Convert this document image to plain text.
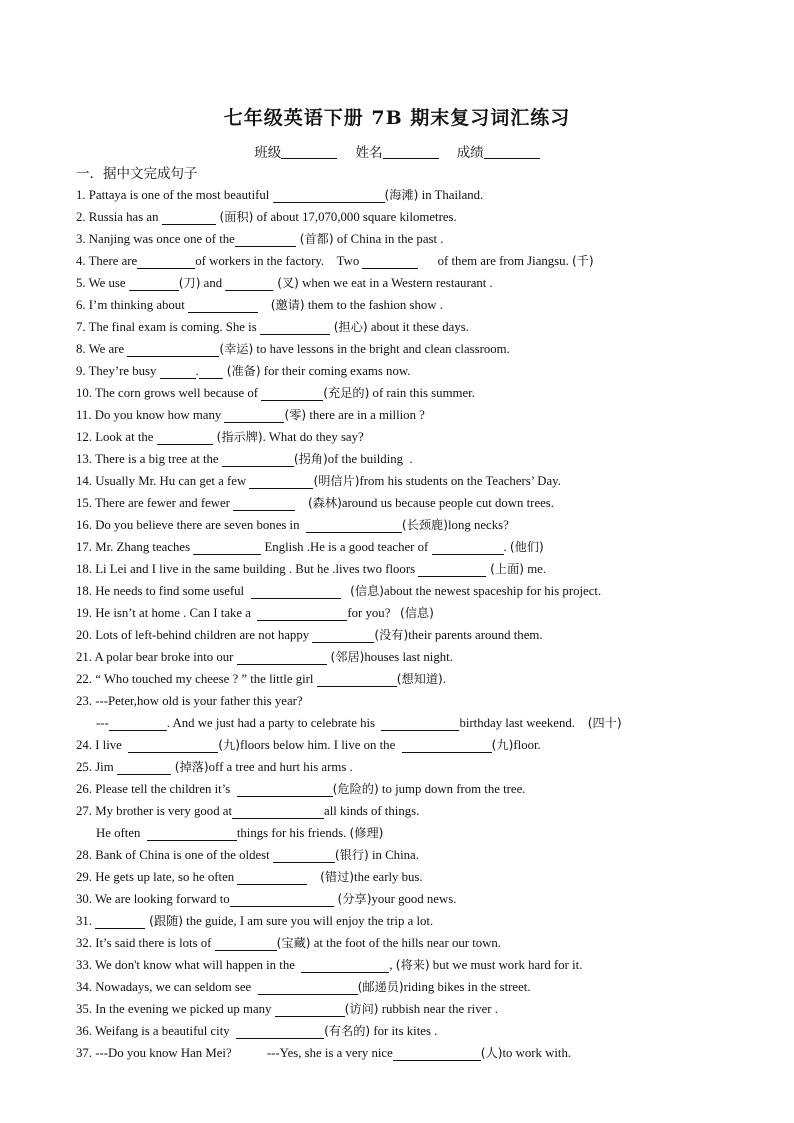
七年级英语下册 7B 期末复习词汇练习
班级	姓名	成绩
一．据中文完成句子
1. Pattaya is one of the most beautiful	(海滩) in Thailand.
2. Russia has an	(面积) of about 17,070,000 square kilometres.
3. Nanjing was once one of the	(首都) of China in the past .
4. There are	of workers in the factory.    Two	of them are from Jiangsu. (千)
5. We use	(刀) and	(叉) when we eat in a Western restaurant .
6. I’m thinking about	(邀请) them to the fashion show .
7. The final exam is coming. She is	(担心) about it these days.
8. We are	(幸运) to have lessons in the bright and clean classroom.
9. They’re busy	. (准备) for their coming exams now.
10. The corn grows well because of	(充足的) of rain this summer.
11. Do you know how many	(零) there are in a million ?
12. Look at the	(指示牌). What do they say?
13. There is a big tree at the	(拐角)of the building  .
14. Usually Mr. Hu can get a few	(明信片)from his students on the Teachers’ Day.
15. There are fewer and fewer	(森林)around us because people cut down trees.
16. Do you believe there are seven bones in	(长颈鹿)long necks?
17. Mr. Zhang teaches	English .He is a good teacher of	. (他们)
18. Li Lei and I live in the same building . But he .lives two floors	(上面) me.
18. He needs to find some useful	(信息)about the newest spaceship for his project.
19. He isn’t at home . Can I take a	for you?   (信息)
20. Lots of left-behind children are not happy	(没有)their parents around them.
21. A polar bear broke into our	(邻居)houses last night.
22. “ Who touched my cheese ? ” the little girl	(想知道).
23. ---Peter,how old is your father this year?
---	. And we just had a party to celebrate his	birthday last weekend.    (四十)
24. I live	(九)floors below him. I live on the	(九)floor.
25. Jim	(掉落)off a tree and hurt his arms .
26. Please tell the children it’s	(危险的) to jump down from the tree.
27. My brother is very good at	all kinds of things.
He often	things for his friends. (修理)
28. Bank of China is one of the oldest	(银行) in China.
29. He gets up late, so he often	(错过)the early bus.
30. We are looking forward to	(分享)your good news.
31.	(跟随) the guide, I am sure you will enjoy the trip a lot.
32. It’s said there is lots of	(宝藏) at the foot of the hills near our town.
33. We don't know what will happen in the	, (将来) but we must work hard for it.
34. Nowadays, we can seldom see	(邮递员)riding bikes in the street.
35. In the evening we picked up many	(访问) rubbish near the river .
36. Weifang is a beautiful city	(有名的) for its kites .
37. ---Do you know Han Mei?           ---Yes, she is a very nice	(人)to work with.
